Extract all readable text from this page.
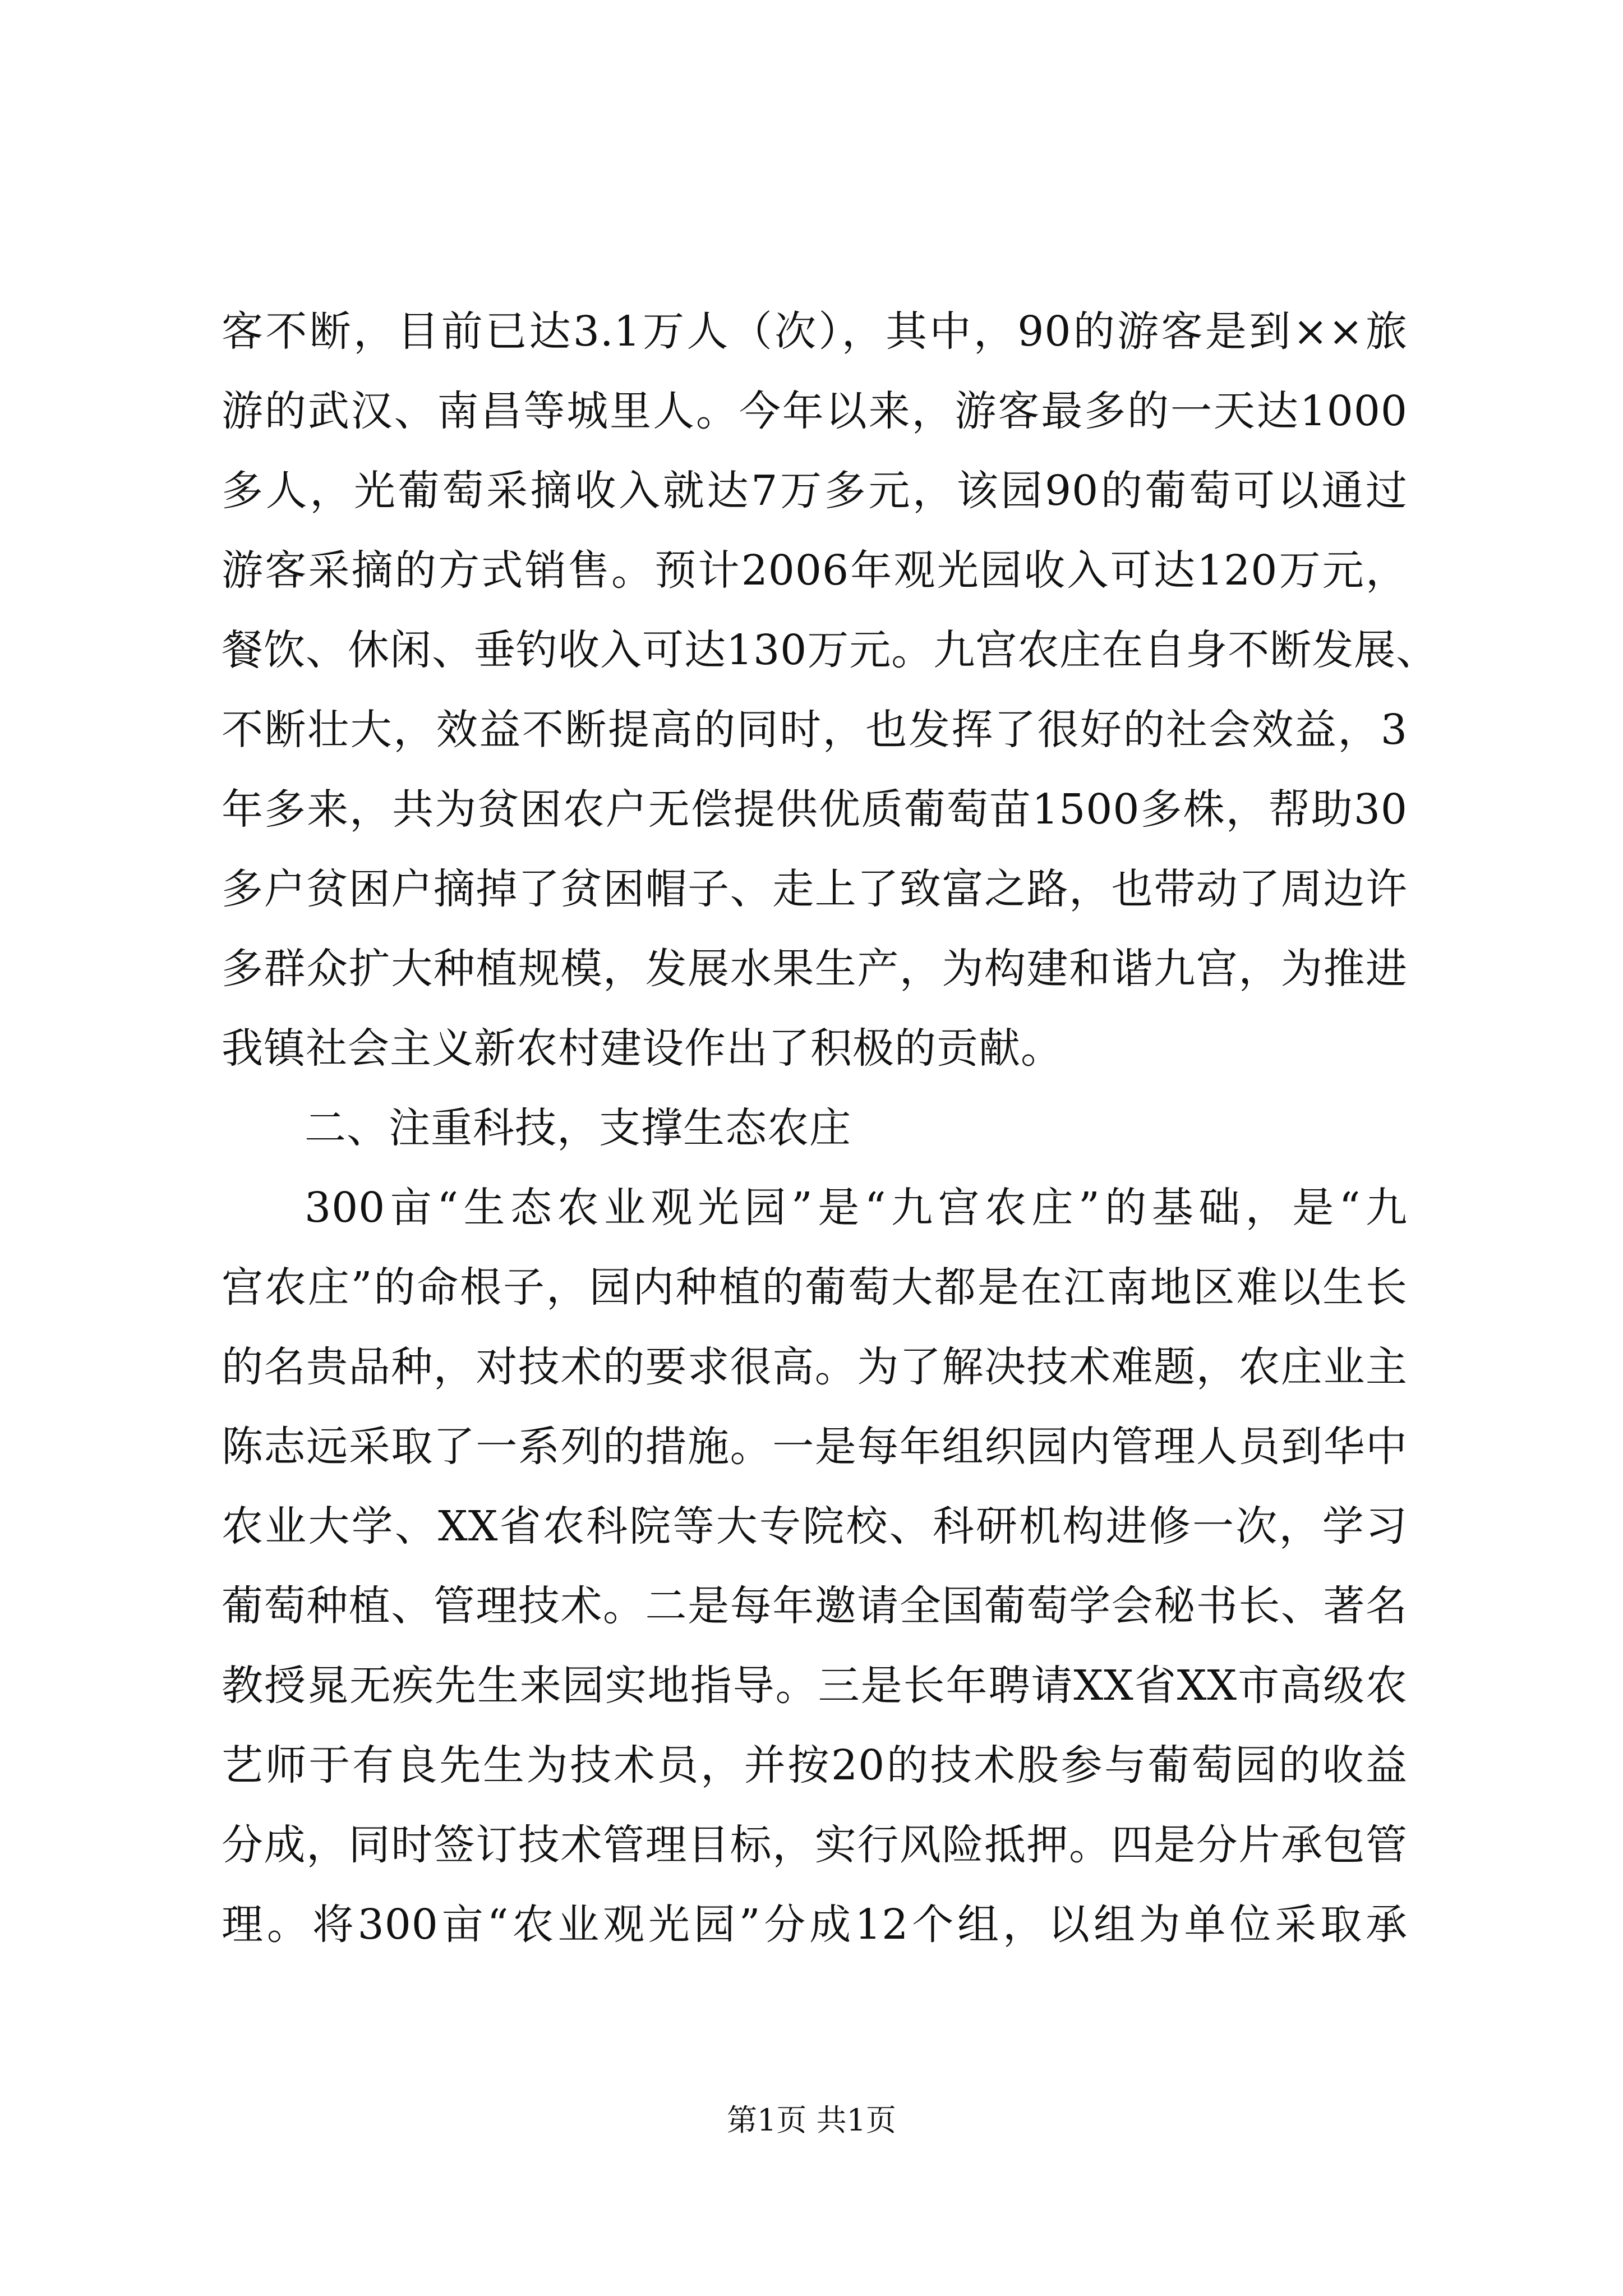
客不断，目前已达3.1万人（次），其中，90的游客是到××旅
游的武汉、南昌等城里人。今年以来，游客最多的一天达1000
多人，光葡萄采摘收入就达7万多元，该园90的葡萄可以通过
游客采摘的方式销售。预计2006年观光园收入可达120万元，
餐饮、休闲、垂钓收入可达130万元。九宫农庄在自身不断发展、
不断壮大，效益不断提高的同时，也发挥了很好的社会效益，3
年多来，共为贫困农户无偿提供优质葡萄苗1500多株，帮助30
多户贫困户摘掉了贫困帽子、走上了致富之路，也带动了周边许
多群众扩大种植规模，发展水果生产，为构建和谐九宫，为推进
我镇社会主义新农村建设作出了积极的贡献。
二、注重科技，支撑生态农庄
300亩“生态农业观光园”是“九宫农庄”的基础，是“九
宫农庄”的命根子，园内种植的葡萄大都是在江南地区难以生长
的名贵品种，对技术的要求很高。为了解决技术难题，农庄业主
陈志远采取了一系列的措施。一是每年组织园内管理人员到华中
农业大学、XX省农科院等大专院校、科研机构进修一次，学习
葡萄种植、管理技术。二是每年邀请全国葡萄学会秘书长、著名
教授晁无疾先生来园实地指导。三是长年聘请XX省XX市高级农
艺师于有良先生为技术员，并按20的技术股参与葡萄园的收益
分成，同时签订技术管理目标，实行风险抵押。四是分片承包管
理。将300亩“农业观光园”分成12个组，以组为单位采取承
第1页 共1页
